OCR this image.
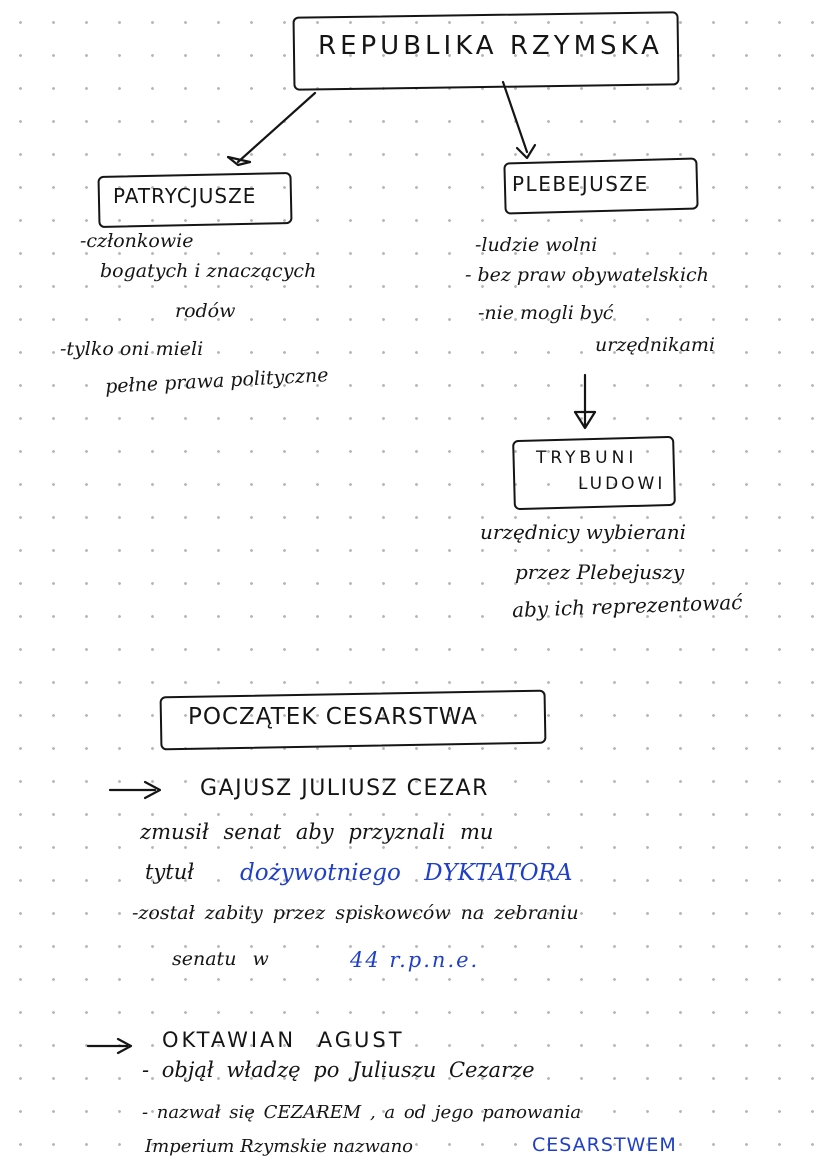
REPUBLIKA RZYMSKA
PATRYCJUSZE
-członkowie
bogatych i znaczących
rodów
-tylko oni mieli
pełne prawa polityczne
PLEBEJUSZE
-ludzie wolni
- bez praw obywatelskich
-nie mogli być
urzędnikami
TRYBUNI
LUDOWI
urzędnicy wybierani
przez Plebejuszy
aby ich reprezentować
POCZĄTEK CESARSTWA
GAJUSZ JULIUSZ CEZAR
zmusił senat aby przyznali mu
tytuł dożywotniego DYKTATORA
-został zabity przez spiskowców na zebraniu
senatu w	44 r.p.n.e.
OKTAWIAN AGUST
- objął władzę po Juliuszu Cezarze
- nazwał się CEZAREM , a od jego panowania
Imperium Rzymskie nazwano	CESARSTWEM
